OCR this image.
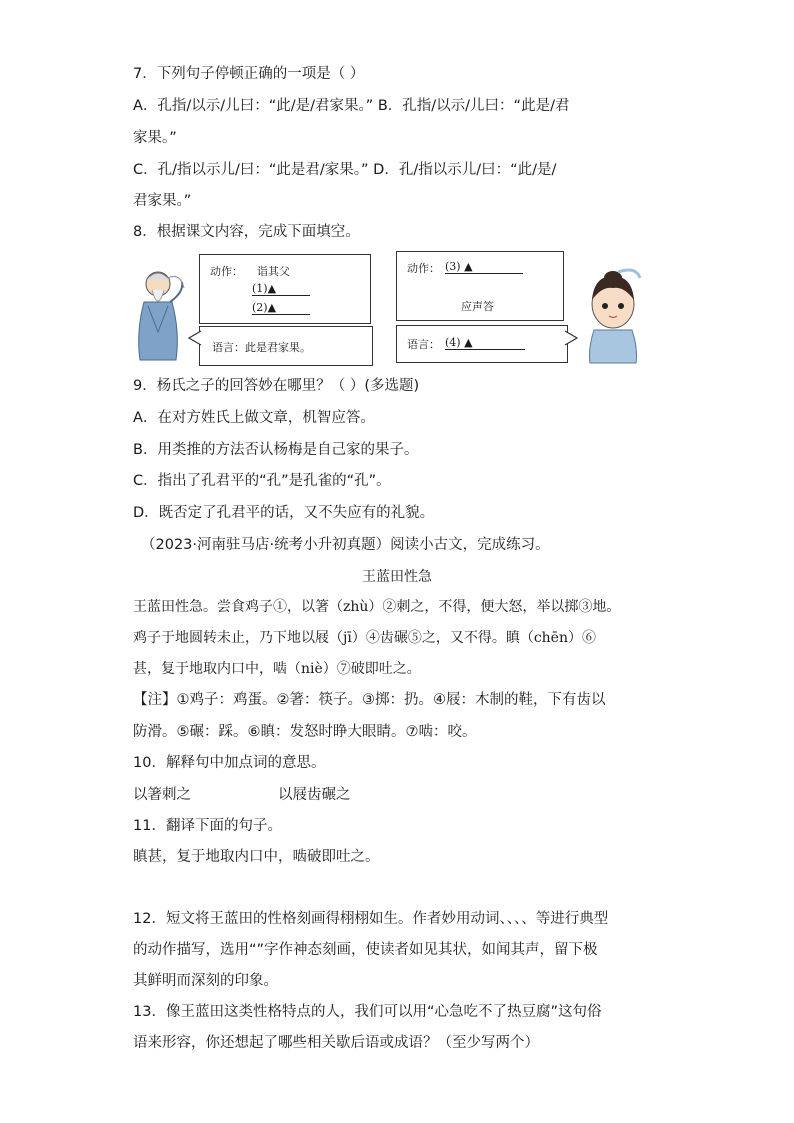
7．下列句子停顿正确的一项是（ ）
A．孔指/以示/儿曰：“此/是/君家果。” B．孔指/以示/儿曰：“此是/君
家果。”
C．孔/指以示儿/曰：“此是君/家果。” D．孔/指以示儿/曰：“此/是/
君家果。”
8．根据课文内容，完成下面填空。
动作： 诣其父
(1)▲
(2)▲
语言：此是君家果。
动作： (3) ▲
应声答
语言： (4) ▲
9．杨氏之子的回答妙在哪里？（ ）(多选题)
A．在对方姓氏上做文章，机智应答。
B．用类推的方法否认杨梅是自己家的果子。
C．指出了孔君平的“孔”是孔雀的“孔”。
D．既否定了孔君平的话，又不失应有的礼貌。
（2023·河南驻马店·统考小升初真题）阅读小古文，完成练习。
王蓝田性急
王蓝田性急。尝食鸡子①，以箸（zhù）②刺之，不得，便大怒，举以掷③地。
鸡子于地圆转未止，乃下地以屐（jī）④齿碾⑤之，又不得。瞋（chēn）⑥
甚，复于地取内口中，啮（niè）⑦破即吐之。
【注】①鸡子：鸡蛋。②箸：筷子。③掷：扔。④屐：木制的鞋，下有齿以
防滑。⑤碾：踩。⑥瞋：发怒时睁大眼睛。⑦啮：咬。
10．解释句中加点词的意思。
以箸刺之	以屐齿碾之
11．翻译下面的句子。
瞋甚，复于地取内口中，啮破即吐之。
12．短文将王蓝田的性格刻画得栩栩如生。作者妙用动词、、、、等进行典型
的动作描写，选用“”字作神态刻画，使读者如见其状，如闻其声，留下极
其鲜明而深刻的印象。
13．像王蓝田这类性格特点的人，我们可以用“心急吃不了热豆腐”这句俗
语来形容，你还想起了哪些相关歇后语或成语？（至少写两个）
